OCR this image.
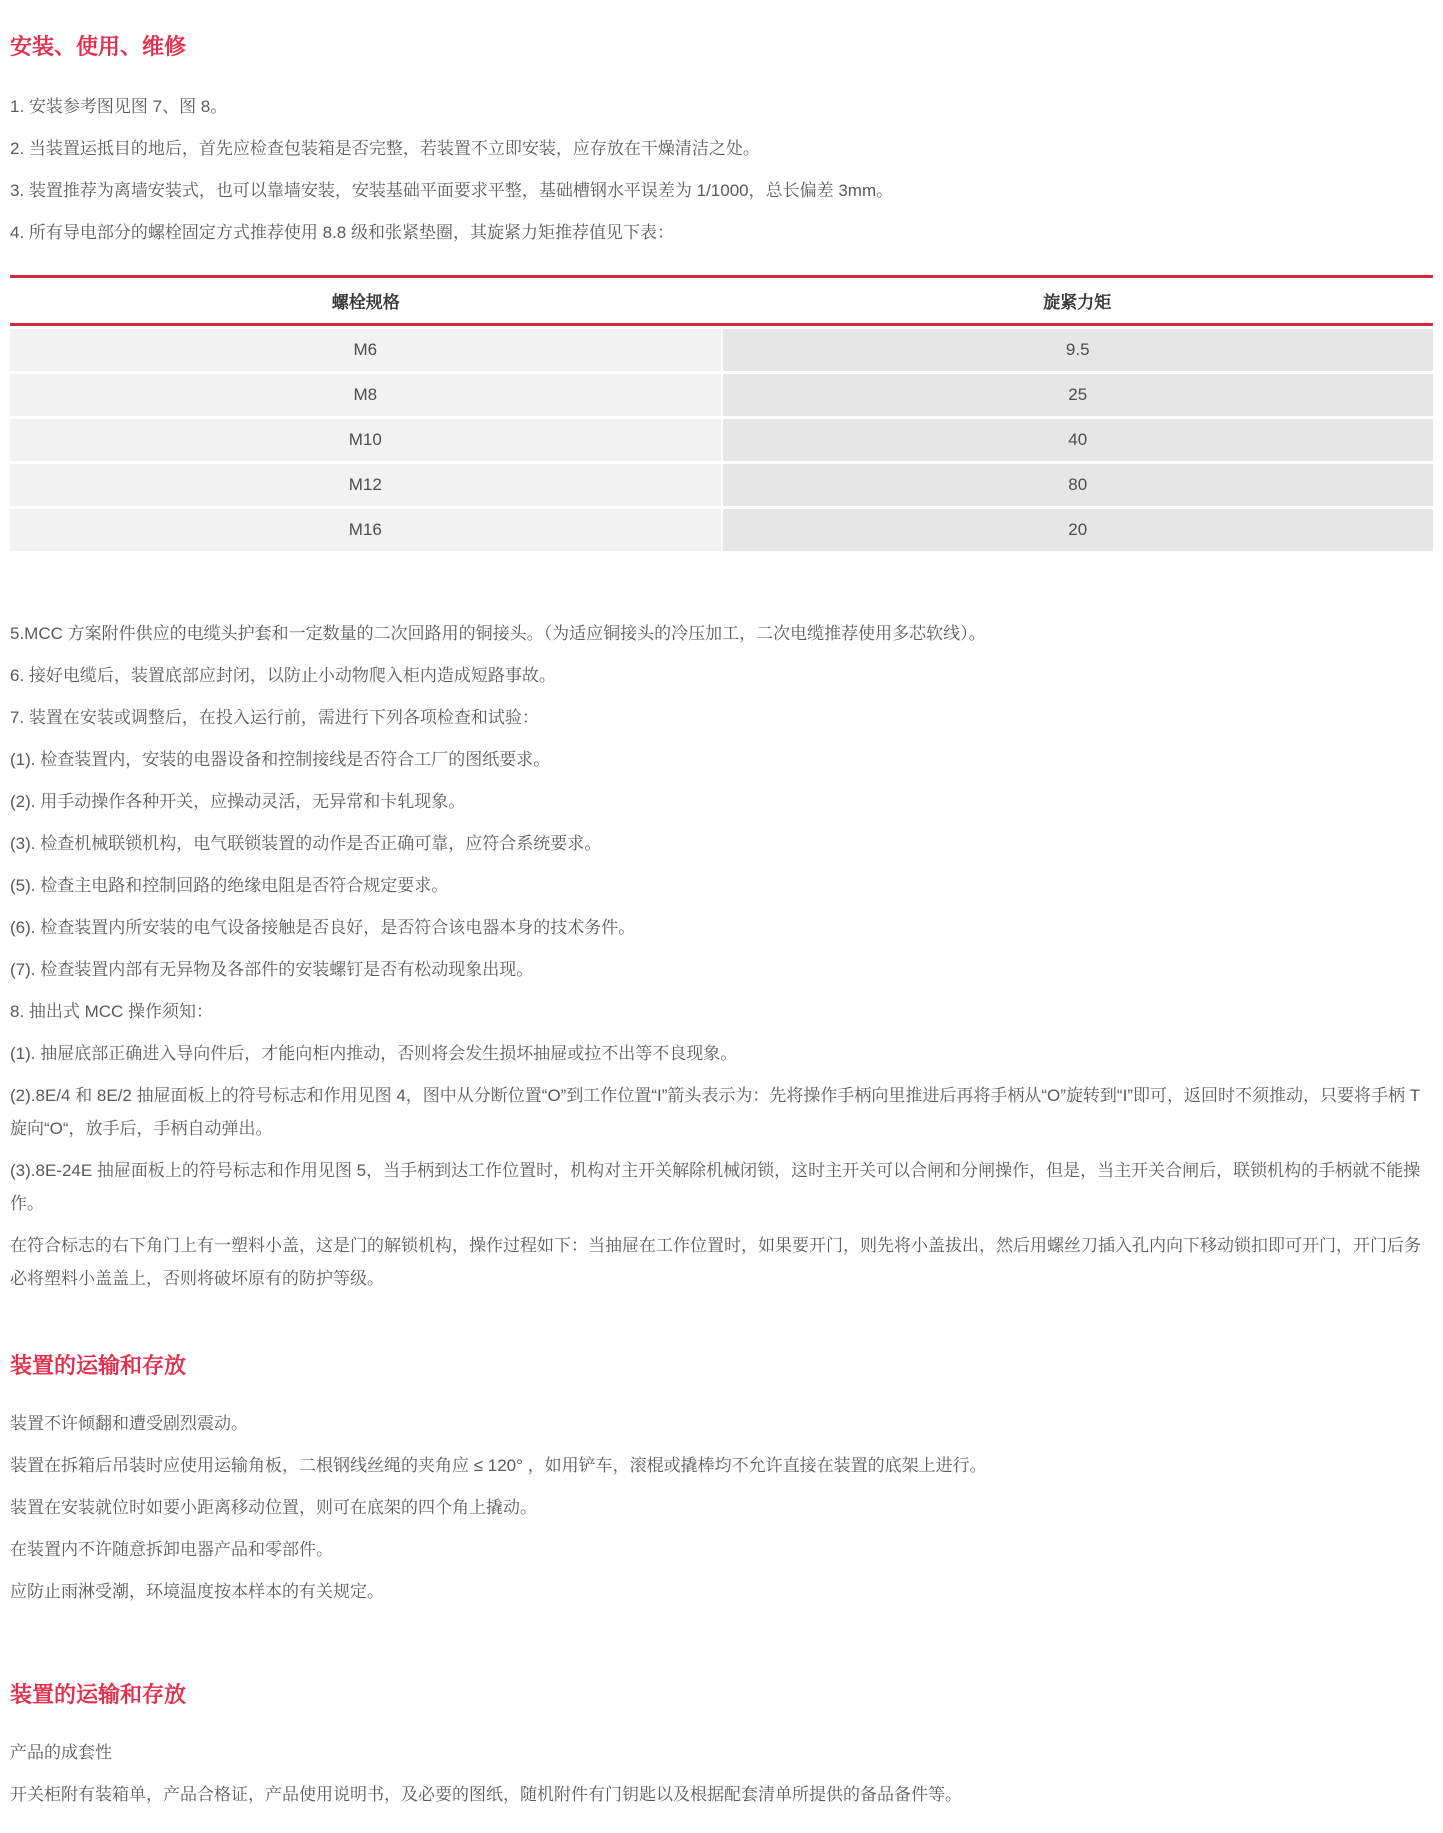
安装、使用、维修

1. 安装参考图见图 7、图 8。

2. 当装置运抵目的地后，首先应检查包装箱是否完整，若装置不立即安装，应存放在干燥清洁之处。

3. 装置推荐为离墙安装式，也可以靠墙安装，安装基础平面要求平整，基础槽钢水平误差为 1/1000，总长偏差 3mm。

4. 所有导电部分的螺栓固定方式推荐使用 8.8 级和张紧垫圈，其旋紧力矩推荐值见下表：

螺栓规格	旋紧力矩
M6	9.5
M8	25
M10	40
M12	80
M16	20

5.MCC 方案附件供应的电缆头护套和一定数量的二次回路用的铜接头。（为适应铜接头的冷压加工，二次电缆推荐使用多芯软线）。

6. 接好电缆后，装置底部应封闭，以防止小动物爬入柜内造成短路事故。

7. 装置在安装或调整后，在投入运行前，需进行下列各项检查和试验：

(1). 检查装置内，安装的电器设备和控制接线是否符合工厂的图纸要求。

(2). 用手动操作各种开关，应操动灵活，无异常和卡轧现象。

(3). 检查机械联锁机构，电气联锁装置的动作是否正确可靠，应符合系统要求。

(5). 检查主电路和控制回路的绝缘电阻是否符合规定要求。

(6). 检查装置内所安装的电气设备接触是否良好，是否符合该电器本身的技术务件。

(7). 检查装置内部有无异物及各部件的安装螺钉是否有松动现象出现。

8. 抽出式 MCC 操作须知：

(1). 抽屉底部正确进入导向件后，才能向柜内推动，否则将会发生损坏抽屉或拉不出等不良现象。

(2).8E/4 和 8E/2 抽屉面板上的符号标志和作用见图 4，图中从分断位置“O”到工作位置“I”箭头表示为：先将操作手柄向里推进后再将手柄从“O”旋转到“I”即可，返回时不须推动，只要将手柄 T 旋向“O“，放手后，手柄自动弹出。

(3).8E-24E 抽屉面板上的符号标志和作用见图 5，当手柄到达工作位置时，机构对主开关解除机械闭锁，这时主开关可以合闸和分闸操作，但是，当主开关合闸后，联锁机构的手柄就不能操作。

在符合标志的右下角门上有一塑料小盖，这是门的解锁机构，操作过程如下：当抽屉在工作位置时，如果要开门，则先将小盖拔出，然后用螺丝刀插入孔内向下移动锁扣即可开门，开门后务必将塑料小盖盖上，否则将破坏原有的防护等级。

装置的运输和存放

装置不许倾翻和遭受剧烈震动。

装置在拆箱后吊装时应使用运输角板，二根钢线丝绳的夹角应 ≤ 120° ，如用铲车，滚棍或撬棒均不允许直接在装置的底架上进行。

装置在安装就位时如要小距离移动位置，则可在底架的四个角上撬动。

在装置内不许随意拆卸电器产品和零部件。

应防止雨淋受潮，环境温度按本样本的有关规定。

装置的运输和存放

产品的成套性

开关柜附有装箱单，产品合格证，产品使用说明书，及必要的图纸，随机附件有门钥匙以及根据配套清单所提供的备品备件等。
